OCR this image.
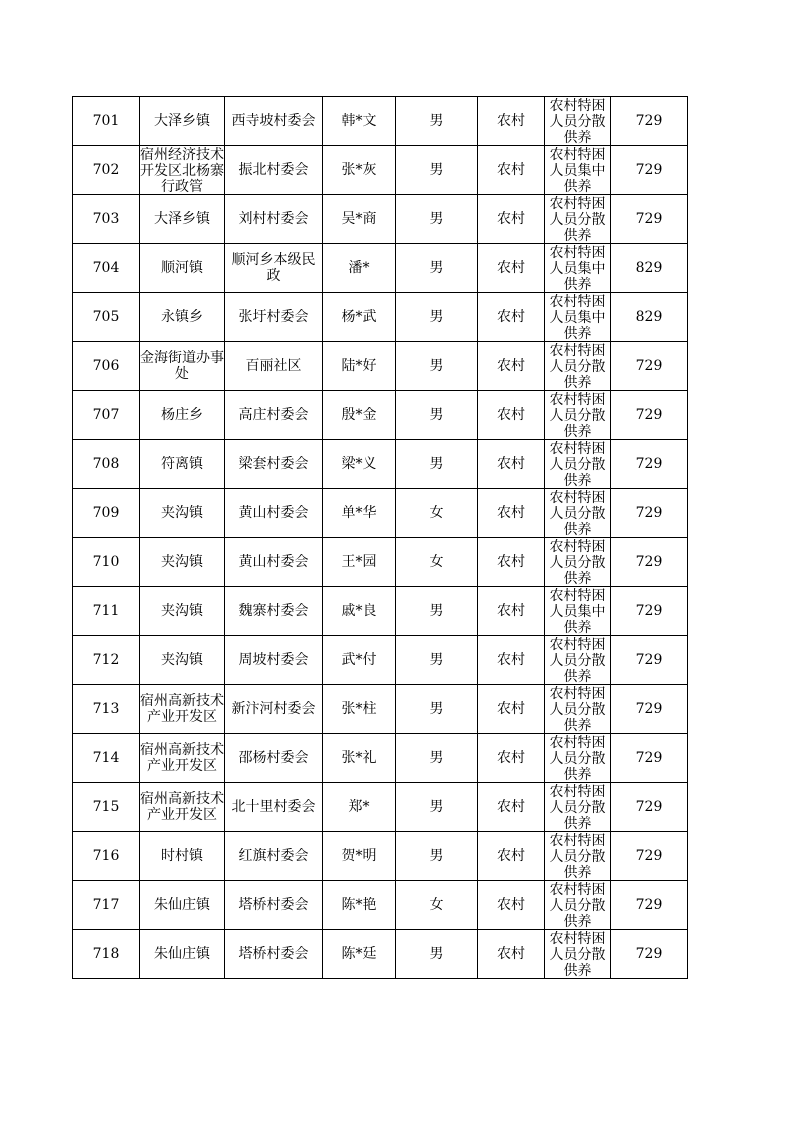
701	大泽乡镇	西寺坡村委会	韩*文	男	农村	农村特困人员分散供养	729

702	宿州经济技术开发区北杨寨行政管	振北村委会	张*灰	男	农村	农村特困人员集中供养	729

703	大泽乡镇	刘村村委会	吴*商	男	农村	农村特困人员分散供养	729

704	顺河镇	顺河乡本级民政	潘*	男	农村	农村特困人员集中供养	829

705	永镇乡	张圩村委会	杨*武	男	农村	农村特困人员集中供养	829

706	金海街道办事处	百丽社区	陆*好	男	农村	农村特困人员分散供养	729

707	杨庄乡	高庄村委会	殷*金	男	农村	农村特困人员分散供养	729

708	符离镇	梁套村委会	梁*义	男	农村	农村特困人员分散供养	729

709	夹沟镇	黄山村委会	单*华	女	农村	农村特困人员分散供养	729

710	夹沟镇	黄山村委会	王*园	女	农村	农村特困人员分散供养	729

711	夹沟镇	魏寨村委会	戚*良	男	农村	农村特困人员集中供养	729

712	夹沟镇	周坡村委会	武*付	男	农村	农村特困人员分散供养	729

713	宿州高新技术产业开发区	新汴河村委会	张*柱	男	农村	农村特困人员分散供养	729

714	宿州高新技术产业开发区	邵杨村委会	张*礼	男	农村	农村特困人员分散供养	729

715	宿州高新技术产业开发区	北十里村委会	郑*	男	农村	农村特困人员分散供养	729

716	时村镇	红旗村委会	贺*明	男	农村	农村特困人员分散供养	729

717	朱仙庄镇	塔桥村委会	陈*艳	女	农村	农村特困人员分散供养	729

718	朱仙庄镇	塔桥村委会	陈*廷	男	农村	农村特困人员分散供养	729
